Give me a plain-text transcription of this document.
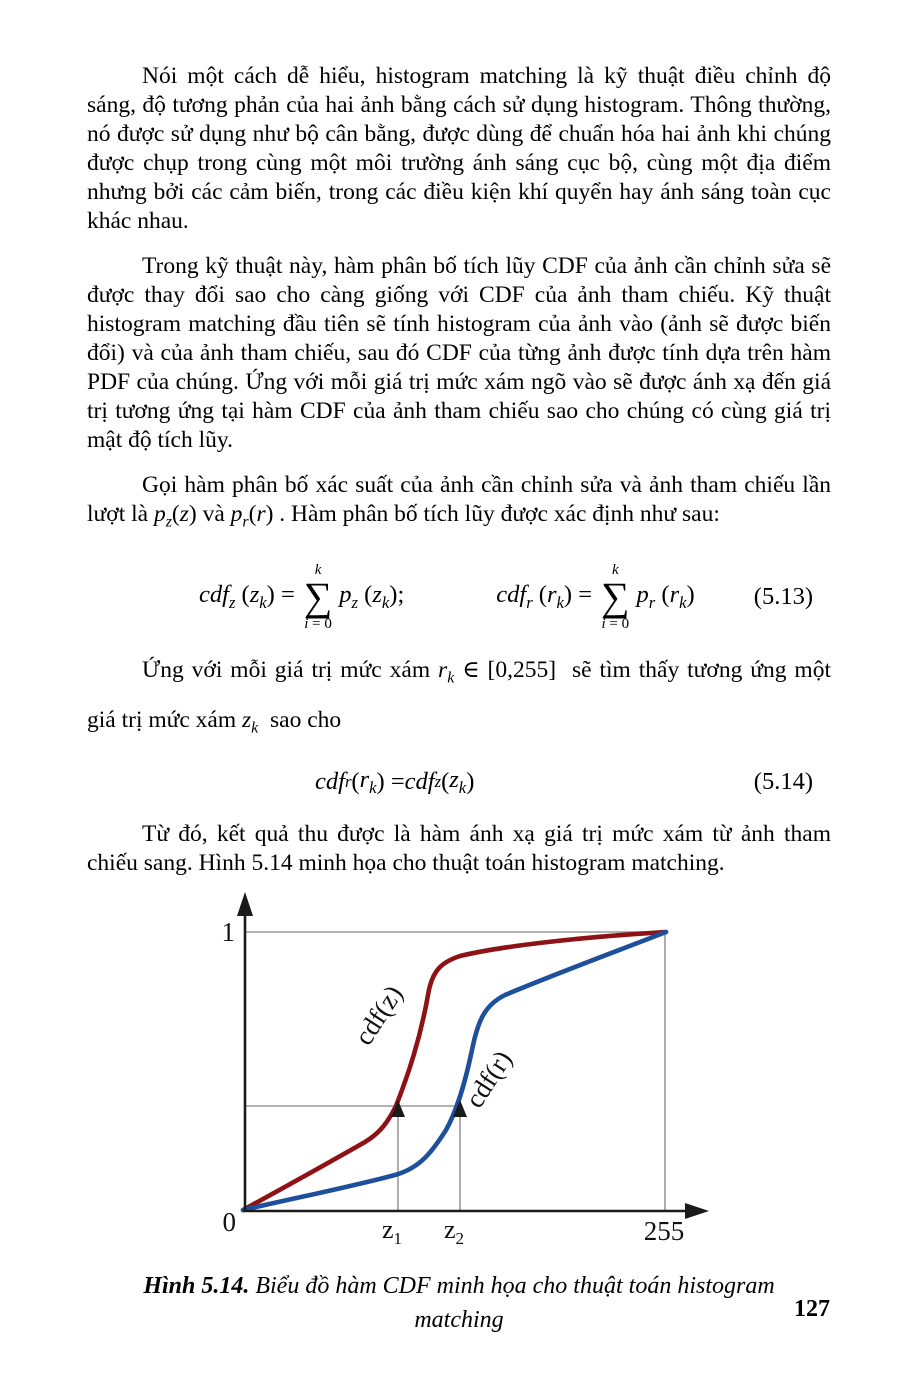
Nói một cách dễ hiểu, histogram matching là kỹ thuật điều chỉnh độ sáng, độ tương phản của hai ảnh bằng cách sử dụng histogram. Thông thường, nó được sử dụng như bộ cân bằng, được dùng để chuẩn hóa hai ảnh khi chúng được chụp trong cùng một môi trường ánh sáng cục bộ, cùng một địa điểm nhưng bởi các cảm biến, trong các điều kiện khí quyển hay ánh sáng toàn cục khác nhau.

Trong kỹ thuật này, hàm phân bố tích lũy CDF của ảnh cần chỉnh sửa sẽ được thay đổi sao cho càng giống với CDF của ảnh tham chiếu. Kỹ thuật histogram matching đầu tiên sẽ tính histogram của ảnh vào (ảnh sẽ được biến đổi) và của ảnh tham chiếu, sau đó CDF của từng ảnh được tính dựa trên hàm PDF của chúng. Ứng với mỗi giá trị mức xám ngõ vào sẽ được ánh xạ đến giá trị tương ứng tại hàm CDF của ảnh tham chiếu sao cho chúng có cùng giá trị mật độ tích lũy.

Gọi hàm phân bố xác suất của ảnh cần chỉnh sửa và ảnh tham chiếu lần lượt là $p_z(z)$ và $p_r(r)$ . Hàm phân bố tích lũy được xác định như sau:

cdf$_z$ $(z_k)$ =
k
∑
i = 0
$p_z$ $(z_k)$;	cdf$_r$ $(r_k)$ =
k
∑
i = 0
$p_r$ $(r_k)$ (5.13)

Ứng với mỗi giá trị mức xám $r_k$ ∈ [0,255]  sẽ tìm thấy tương ứng một giá trị mức xám $z_k$  sao cho

cdf r ( $r_k$ ) = cdf z ( $z_k$ )	(5.14)

Từ đó, kết quả thu được là hàm ánh xạ giá trị mức xám từ ảnh tham chiếu sang. Hình 5.14 minh họa cho thuật toán histogram matching.

1
0	$z_1$ $z_2$	255
cdf(z)
cdf(r)
Hình 5.14. Biểu đồ hàm CDF minh họa cho thuật toán histogram matching	127
